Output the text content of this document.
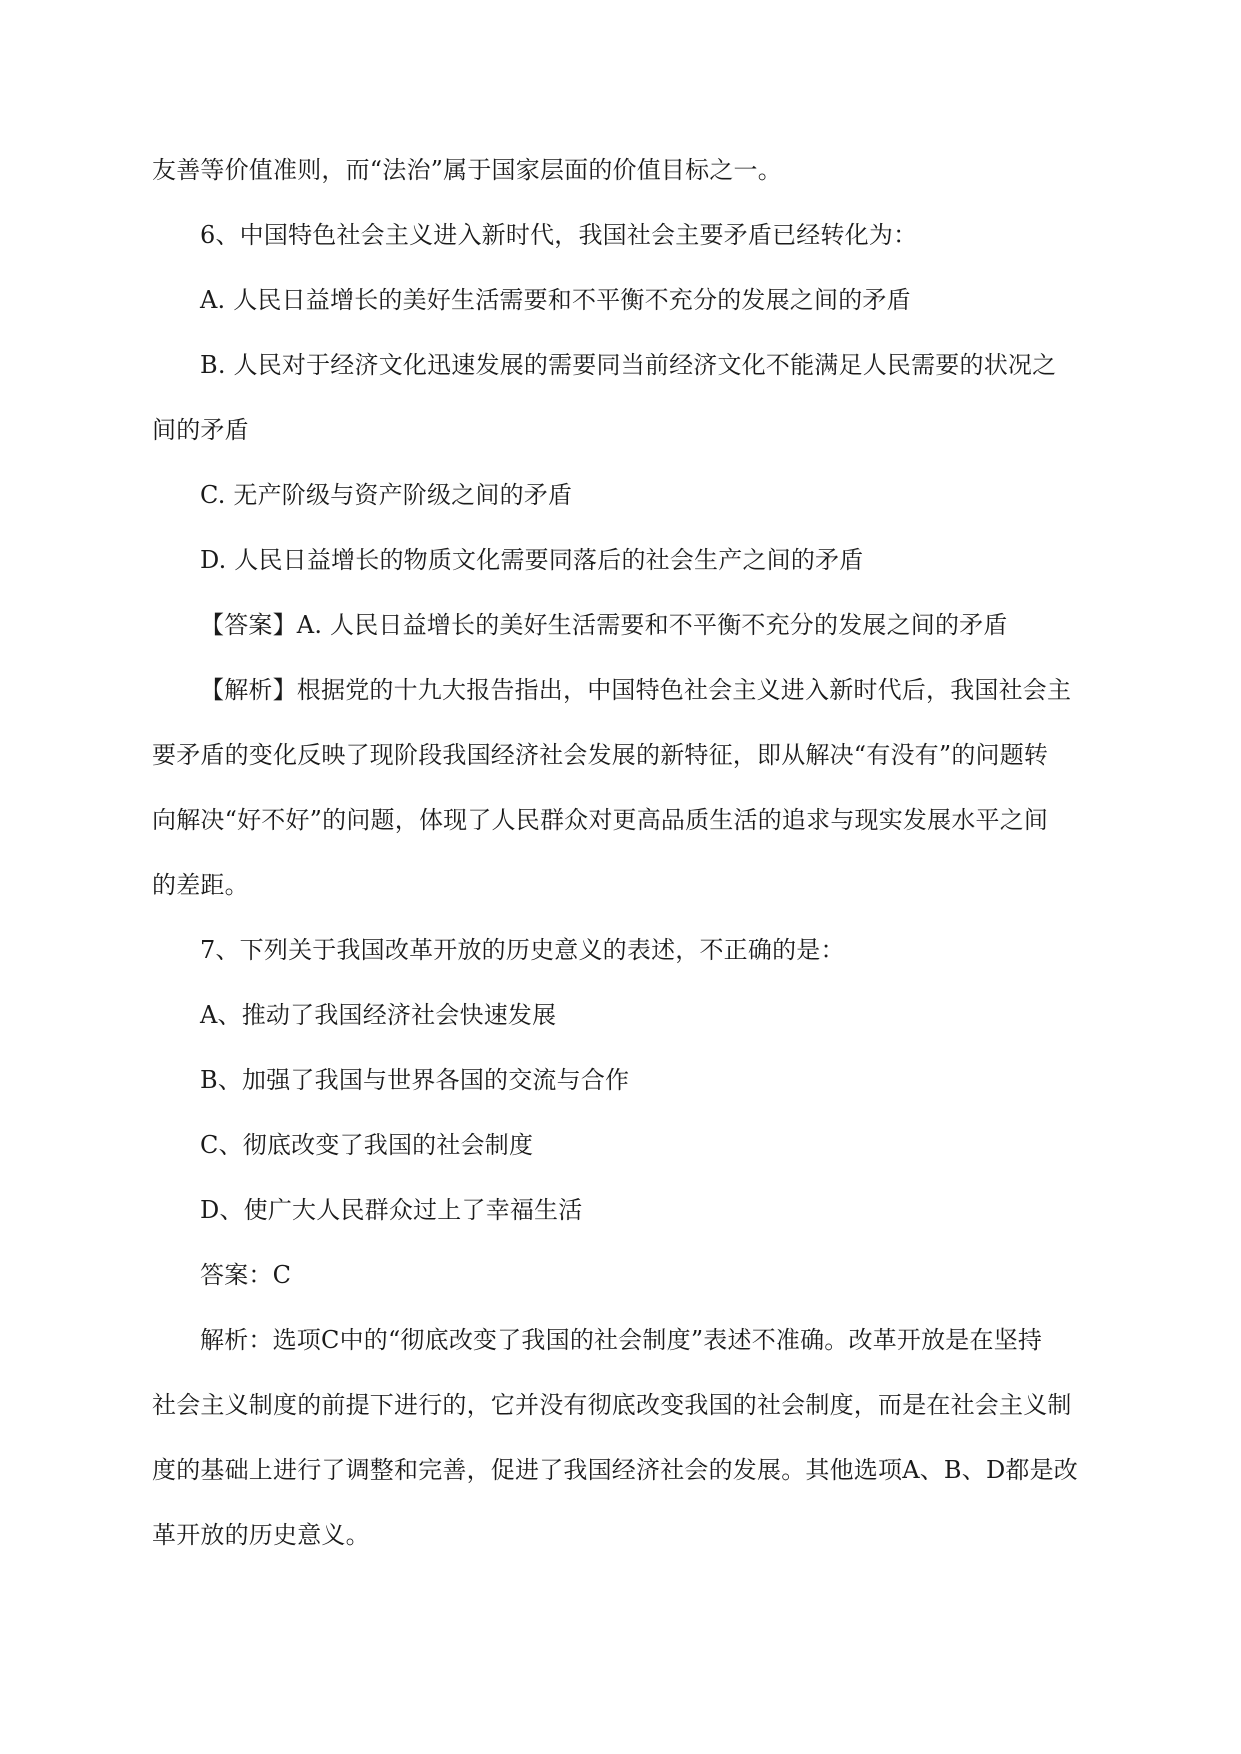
友善等价值准则，而“法治”属于国家层面的价值目标之一。
6、中国特色社会主义进入新时代，我国社会主要矛盾已经转化为：
A. 人民日益增长的美好生活需要和不平衡不充分的发展之间的矛盾
B. 人民对于经济文化迅速发展的需要同当前经济文化不能满足人民需要的状况之
间的矛盾
C. 无产阶级与资产阶级之间的矛盾
D. 人民日益增长的物质文化需要同落后的社会生产之间的矛盾
【答案】A. 人民日益增长的美好生活需要和不平衡不充分的发展之间的矛盾
【解析】根据党的十九大报告指出，中国特色社会主义进入新时代后，我国社会主
要矛盾的变化反映了现阶段我国经济社会发展的新特征，即从解决“有没有”的问题转
向解决“好不好”的问题，体现了人民群众对更高品质生活的追求与现实发展水平之间
的差距。
7、下列关于我国改革开放的历史意义的表述，不正确的是：
A、推动了我国经济社会快速发展
B、加强了我国与世界各国的交流与合作
C、彻底改变了我国的社会制度
D、使广大人民群众过上了幸福生活
答案：C
解析：选项C中的“彻底改变了我国的社会制度”表述不准确。改革开放是在坚持
社会主义制度的前提下进行的，它并没有彻底改变我国的社会制度，而是在社会主义制
度的基础上进行了调整和完善，促进了我国经济社会的发展。其他选项A、B、D都是改
革开放的历史意义。
